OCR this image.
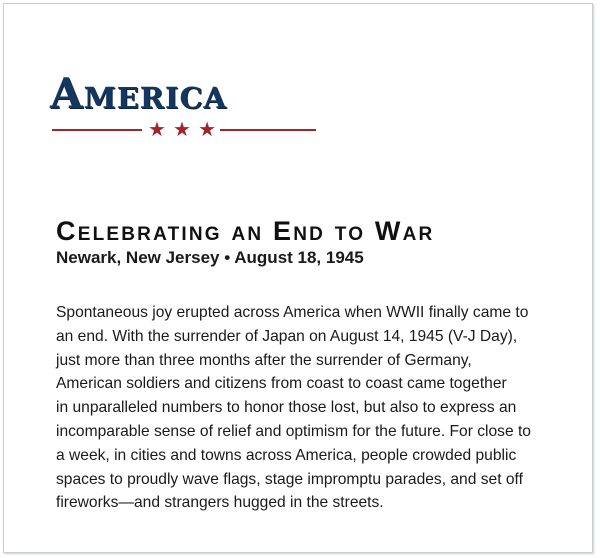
America
★ ★ ★
Celebrating an End to War

Newark, New Jersey • August 18, 1945

Spontaneous joy erupted across America when WWII finally came to
an end. With the surrender of Japan on August 14, 1945 (V-J Day),
just more than three months after the surrender of Germany,
American soldiers and citizens from coast to coast came together
in unparalleled numbers to honor those lost, but also to express an
incomparable sense of relief and optimism for the future. For close to
a week, in cities and towns across America, people crowded public
spaces to proudly wave flags, stage impromptu parades, and set off
fireworks—and strangers hugged in the streets.
